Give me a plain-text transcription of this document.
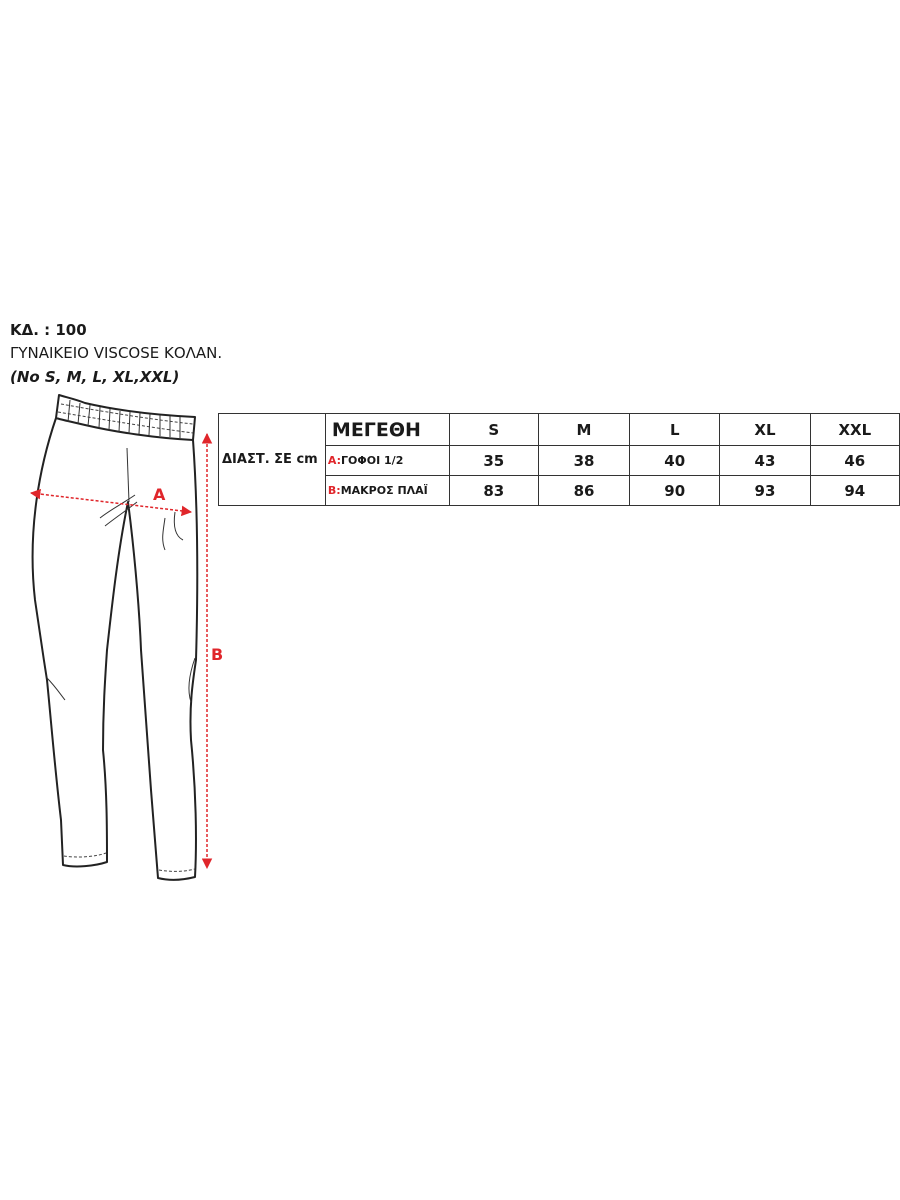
ΚΔ. : 100
ΓΥΝΑΙΚΕΙΟ VISCOSE ΚΟΛΑΝ.
(No S, M, L, XL,XXL)
A
B
ΔΙΑΣΤ. ΣΕ cm	ΜΕΓΕΘΗ	S	M	L	XL	XXL
	A:ΓΟΦΟΙ 1/2	35	38	40	43	46
	B:ΜΑΚΡΟΣ ΠΛΑΪ	83	86	90	93	94
